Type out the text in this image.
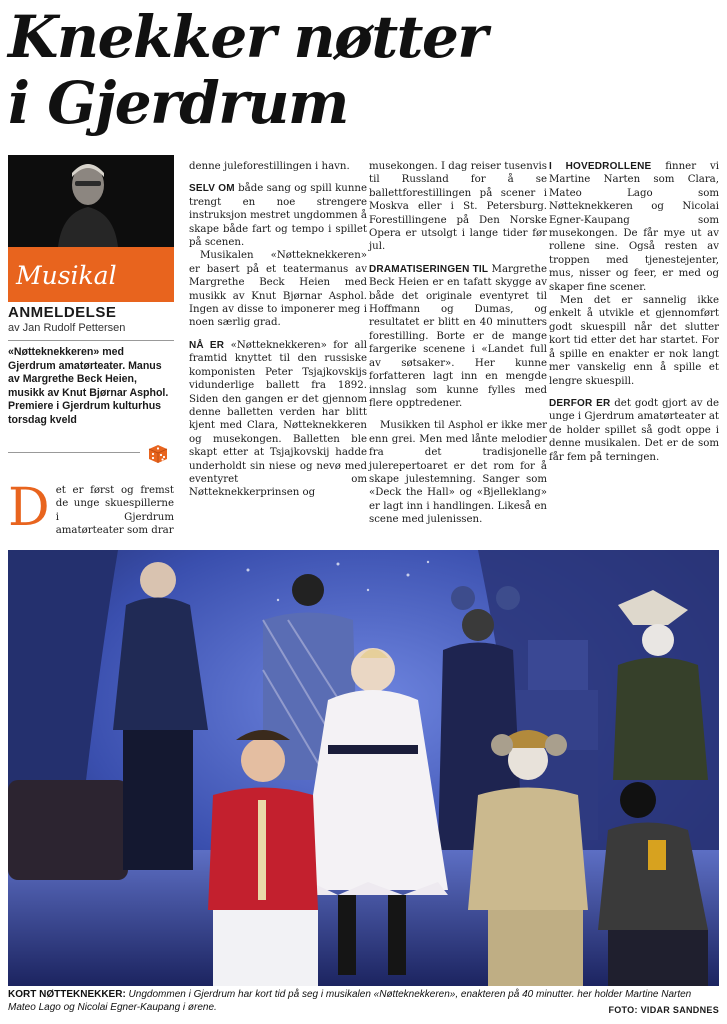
Knekker nøtter
i Gjerdrum
Musikal
ANMELDELSE
av Jan Rudolf Pettersen
«Nøtteknekkeren» med Gjerdrum amatørteater. Manus av Margrethe Beck Heien, musikk av Knut Bjørnar Asphol. Premiere i Gjerdrum kulturhus torsdag kveld
Det er først og fremst de unge skuespillerne i Gjerdrum amatørteater som drar

denne juleforestillingen i havn.

SELV OM både sang og spill kunne trengt en noe strengere instruksjon mestret ungdommen å skape både fart og tempo i spillet på scenen.

Musikalen «Nøtteknekkeren» er basert på et teatermanus av Margrethe Beck Heien med musikk av Knut Bjørnar Asphol. Ingen av disse to imponerer meg i noen særlig grad.

NÅ ER «Nøtteknekkeren» for all framtid knyttet til den russiske komponisten Peter Tsjajkovskijs vidunderlige ballett fra 1892. Siden den gangen er det gjennom denne balletten verden har blitt kjent med Clara, Nøtteknekkeren og musekongen. Balletten ble skapt etter at Tsjajkovskij hadde underholdt sin niese og nevø med eventyret om Nøtteknekkerprinsen og

musekongen. I dag reiser tusenvis til Russland for å se ballettforestillingen på scener i Moskva eller i St. Petersburg. Forestillingene på Den Norske Opera er utsolgt i lange tider før jul.

DRAMATISERINGEN TIL Margrethe Beck Heien er en tafatt skygge av både det originale eventyret til Hoffmann og Dumas, og resultatet er blitt en 40 minutters forestilling. Borte er de mange fargerike scenene i «Landet full av søtsaker». Her kunne forfatteren lagt inn en mengde innslag som kunne fylles med flere opptredener.

Musikken til Asphol er ikke mer enn grei. Men med lånte melodier fra det tradisjonelle julerepertoaret er det rom for å skape julestemning. Sanger som «Deck the Hall» og «Bjelleklang» er lagt inn i handlingen. Likeså en scene med julenissen.

I HOVEDROLLENE finner vi Martine Narten som Clara, Mateo Lago som Nøtteknekkeren og Nicolai Egner-Kaupang som musekongen. De får mye ut av rollene sine. Også resten av troppen med tjenestejenter, mus, nisser og feer, er med og skaper fine scener.

Men det er sannelig ikke enkelt å utvikle et gjennomført godt skuespill når det slutter kort tid etter det har startet. For å spille en enakter er nok langt mer vanskelig enn å spille et lengre skuespill.

DERFOR ER det godt gjort av de unge i Gjerdrum amatørteater at de holder spillet så godt oppe i denne musikalen. Det er de som får fem på terningen.

KORT NØTTEKNEKKER: Ungdommen i Gjerdrum har kort tid på seg i musikalen «Nøtteknekkeren», enakteren på 40 minutter. her holder Martine Narten Mateo Lago og Nicolai Egner-Kaupang i ørene.	FOTO: VIDAR SANDNES
